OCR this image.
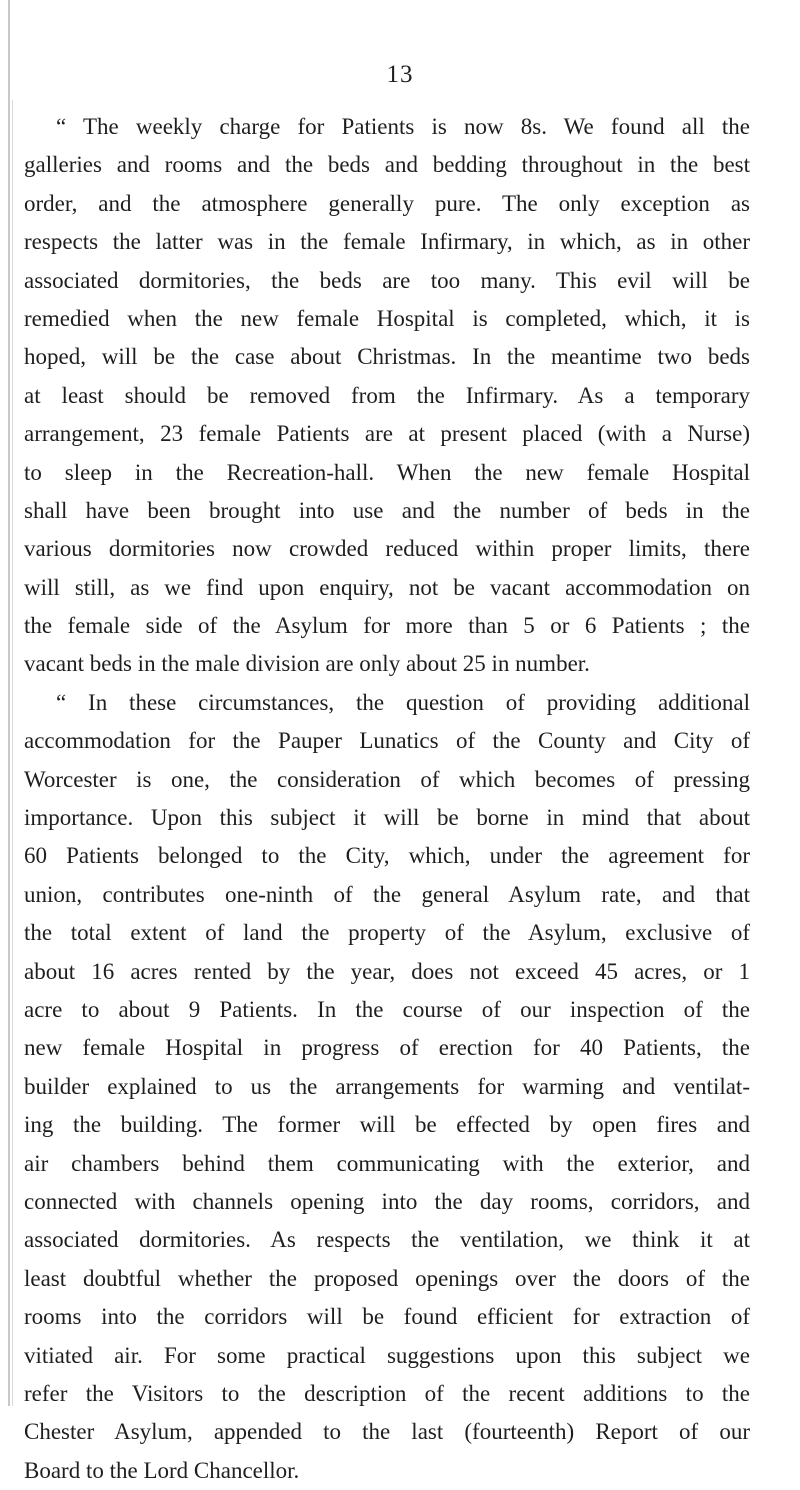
13
“ The weekly charge for Patients is now 8s. We found all the
galleries and rooms and the beds and bedding throughout in the best
order, and the atmosphere generally pure. The only exception as
respects the latter was in the female Infirmary, in which, as in other
associated dormitories, the beds are too many. This evil will be
remedied when the new female Hospital is completed, which, it is
hoped, will be the case about Christmas. In the meantime two beds
at least should be removed from the Infirmary. As a temporary
arrangement, 23 female Patients are at present placed (with a Nurse)
to sleep in the Recreation-hall. When the new female Hospital
shall have been brought into use and the number of beds in the
various dormitories now crowded reduced within proper limits, there
will still, as we find upon enquiry, not be vacant accommodation on
the female side of the Asylum for more than 5 or 6 Patients ; the
vacant beds in the male division are only about 25 in number.
“ In these circumstances, the question of providing additional
accommodation for the Pauper Lunatics of the County and City of
Worcester is one, the consideration of which becomes of pressing
importance. Upon this subject it will be borne in mind that about
60 Patients belonged to the City, which, under the agreement for
union, contributes one-ninth of the general Asylum rate, and that
the total extent of land the property of the Asylum, exclusive of
about 16 acres rented by the year, does not exceed 45 acres, or 1
acre to about 9 Patients. In the course of our inspection of the
new female Hospital in progress of erection for 40 Patients, the
builder explained to us the arrangements for warming and ventilat-
ing the building. The former will be effected by open fires and
air chambers behind them communicating with the exterior, and
connected with channels opening into the day rooms, corridors, and
associated dormitories. As respects the ventilation, we think it at
least doubtful whether the proposed openings over the doors of the
rooms into the corridors will be found efficient for extraction of
vitiated air. For some practical suggestions upon this subject we
refer the Visitors to the description of the recent additions to the
Chester Asylum, appended to the last (fourteenth) Report of our
Board to the Lord Chancellor.
